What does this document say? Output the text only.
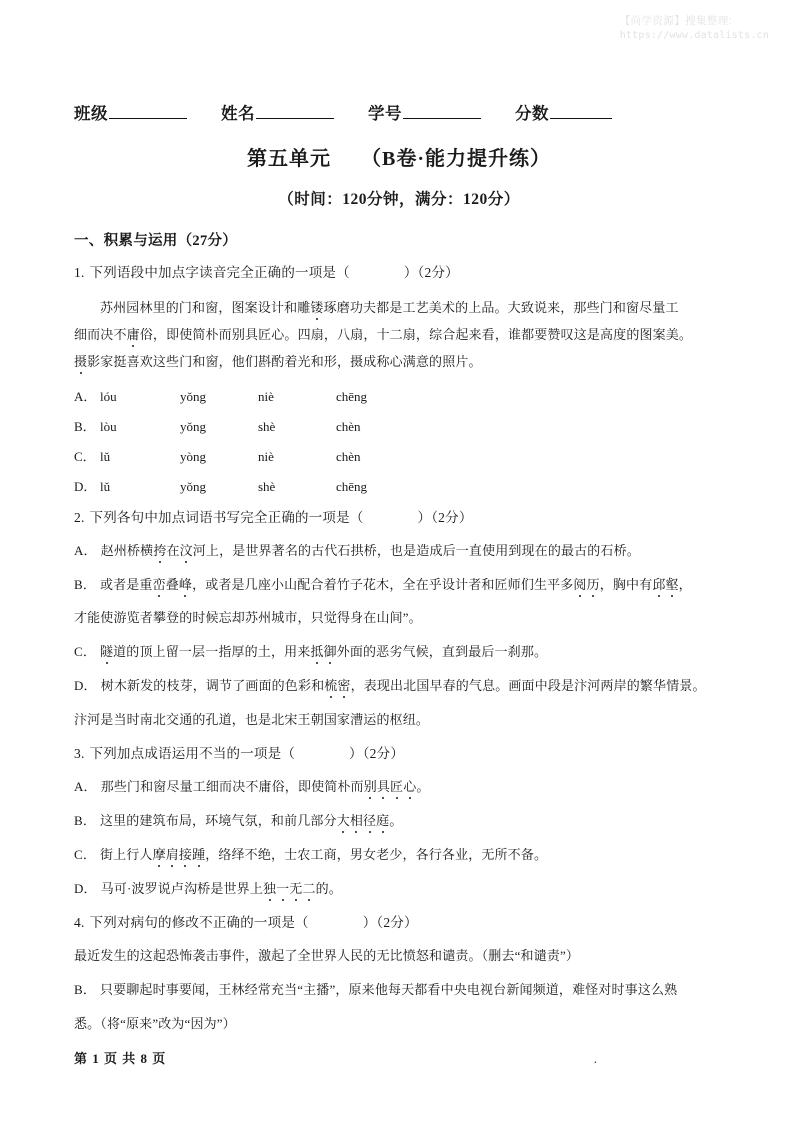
【尚学资源】搜集整理:
https://www.datalists.cn
班级	姓名	学号	分数
第五单元 （B卷·能力提升练）
（时间：120分钟，满分：120分）
一、积累与运用（27分）
1. 下列语段中加点字读音完全正确的一项是（	）（2分）

苏州园林里的门和窗，图案设计和雕镂琢磨功夫都是工艺美术的上品。大致说来，那些门和窗尽量工

细而决不庸俗，即使简朴而别具匠心。四扇，八扇，十二扇，综合起来看，谁都要赞叹这是高度的图案美。

摄影家挺喜欢这些门和窗，他们斟酌着光和形，摄成称心满意的照片。

A． lóu	yǒng	niè	chēng
B． lòu	yǒng	shè	chèn
C． lǔ	yòng	niè	chèn
D． lǔ	yǒng	shè	chēng
2. 下列各句中加点词语书写完全正确的一项是（	）（2分）
A． 赵州桥横挎在汶河上，是世界著名的古代石拱桥，也是造成后一直使用到现在的最古的石桥。
B． 或者是重峦叠峰，或者是几座小山配合着竹子花木，全在乎设计者和匠师们生平多阅历，胸中有邱壑，
才能使游览者攀登的时候忘却苏州城市，只觉得身在山间”。
C． 隧道的顶上留一层一指厚的土，用来抵御外面的恶劣气候，直到最后一刹那。
D． 树木新发的枝芽，调节了画面的色彩和梳密，表现出北国早春的气息。画面中段是汴河两岸的繁华情景。
汴河是当时南北交通的孔道，也是北宋王朝国家漕运的枢纽。
3. 下列加点成语运用不当的一项是（	）（2分）
A． 那些门和窗尽量工细而决不庸俗，即使简朴而别具匠心。
B． 这里的建筑布局，环境气氛，和前几部分大相径庭。
C． 街上行人摩肩接踵，络绎不绝，士农工商，男女老少，各行各业，无所不备。
D． 马可·波罗说卢沟桥是世界上独一无二的。
4. 下列对病句的修改不正确的一项是（	）（2分）
最近发生的这起恐怖袭击事件，激起了全世界人民的无比愤怒和谴责。（删去“和谴责”）
B． 只要聊起时事要闻，王林经常充当“主播”，原来他每天都看中央电视台新闻频道，难怪对时事这么熟
悉。（将“原来”改为“因为”）
第 1 页 共 8 页	.
